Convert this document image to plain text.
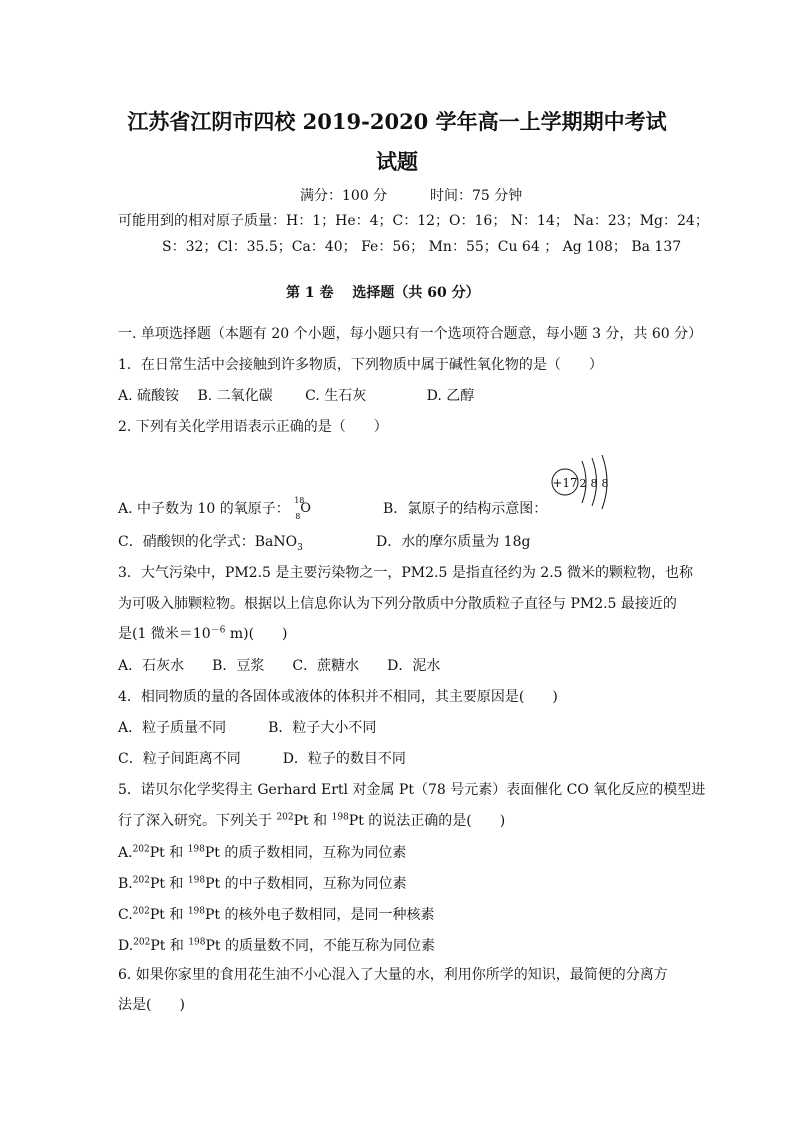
江苏省江阴市四校 2019-2020 学年高一上学期期中考试
试题
满分：100 分	时间：75 分钟
可能用到的相对原子质量：H：1；He：4；C：12；O：16； N：14； Na：23；Mg：24；
S：32；Cl：35.5；Ca：40； Fe：56； Mn：55；Cu 64 ； Ag 108； Ba 137
第 1 卷　 选择题（共 60 分）
一. 单项选择题（本题有 20 个小题，每小题只有一个选项符合题意，每小题 3 分，共 60 分）
1．在日常生活中会接触到许多物质，下列物质中属于碱性氧化物的是（　　）
A. 硫酸铵　 B. 二氧化碳　　 C. 生石灰　　　　 D. 乙醇
2. 下列有关化学用语表示正确的是（　　）
A. 中子数为 10 的氧原子：
18
8
O	B．氯原子的结构示意图：
+17 2 8 8
C．硝酸钡的化学式：BaNO$_3$	D．水的摩尔质量为 18g
3．大气污染中，PM2.5 是主要污染物之一，PM2.5 是指直径约为 2.5 微米的颗粒物，也称
为可吸入肺颗粒物。根据以上信息你认为下列分散质中分散质粒子直径与 PM2.5 最接近的
是(1 微米$=10^{-6}$ m)(　　)
A．石灰水　　B．豆浆　　C．蔗糖水　　D．泥水
4．相同物质的量的各固体或液体的体积并不相同，其主要原因是(　　)
A．粒子质量不同　　　B．粒子大小不同
C．粒子间距离不同　　　D．粒子的数目不同
5．诺贝尔化学奖得主 Gerhard Ertl 对金属 Pt（78 号元素）表面催化 CO 氧化反应的模型进
行了深入研究。下列关于 $^{202}$Pt 和 $^{198}$Pt 的说法正确的是(　　)
A.$^{202}$Pt 和 $^{198}$Pt 的质子数相同，互称为同位素
B.$^{202}$Pt 和 $^{198}$Pt 的中子数相同，互称为同位素
C.$^{202}$Pt 和 $^{198}$Pt 的核外电子数相同，是同一种核素
D.$^{202}$Pt 和 $^{198}$Pt 的质量数不同，不能互称为同位素
6. 如果你家里的食用花生油不小心混入了大量的水，利用你所学的知识，最简便的分离方
法是(　　)
